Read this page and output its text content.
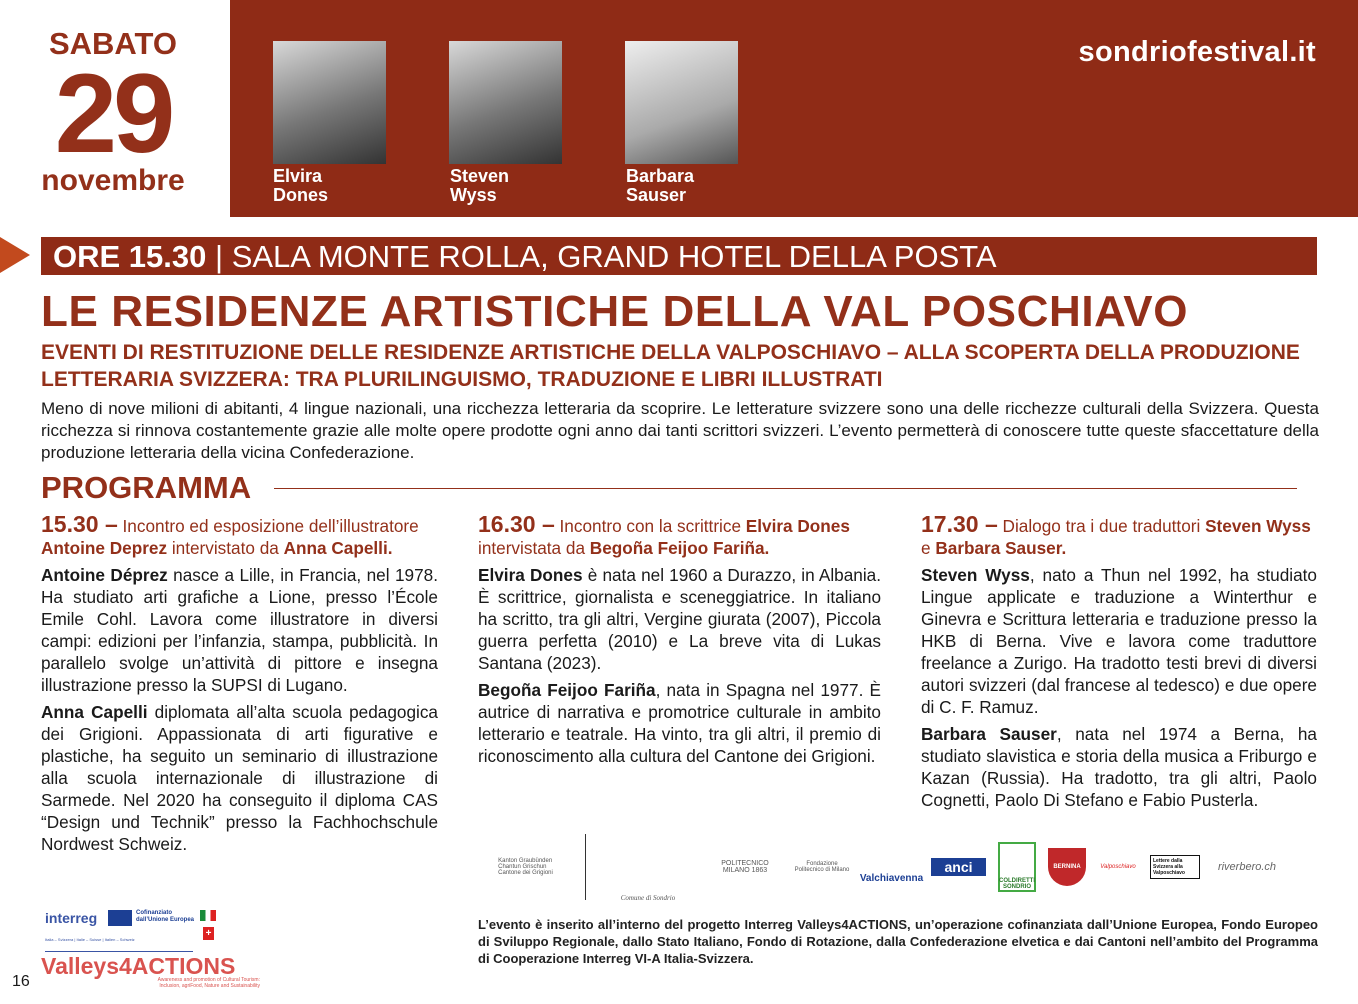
SABATO
29
novembre	Elvira
Dones
Steven
Wyss
Barbara
Sauser
sondriofestival.it
ORE 15.30 | SALA MONTE ROLLA, GRAND HOTEL DELLA POSTA
LE RESIDENZE ARTISTICHE DELLA VAL POSCHIAVO
EVENTI DI RESTITUZIONE DELLE RESIDENZE ARTISTICHE DELLA VALPOSCHIAVO – ALLA SCOPERTA DELLA PRODUZIONE LETTERARIA SVIZZERA: TRA PLURILINGUISMO, TRADUZIONE E LIBRI ILLUSTRATI
Meno di nove milioni di abitanti, 4 lingue nazionali, una ricchezza letteraria da scoprire. Le letterature svizzere sono una delle ricchezze culturali della Svizzera. Questa ricchezza si rinnova costantemente grazie alle molte opere prodotte ogni anno dai tanti scrittori svizzeri. L’evento permetterà di conoscere tutte queste sfaccettature della produzione letteraria della vicina Confederazione.
PROGRAMMA
15.30 – Incontro ed esposizione dell’illustratore Antoine Deprez intervistato da Anna Capelli.

Antoine Déprez nasce a Lille, in Francia, nel 1978. Ha studiato arti grafiche a Lione, presso l’École Emile Cohl. Lavora come illustratore in diversi campi: edizioni per l’infanzia, stampa, pubblicità. In parallelo svolge un’attività di pittore e insegna illustrazione presso la SUPSI di Lugano.

Anna Capelli diplomata all’alta scuola pedagogica dei Grigioni. Appassionata di arti figurative e plastiche, ha seguito un seminario di illustrazione alla scuola internazionale di illustrazione di Sarmede. Nel 2020 ha conseguito il diploma CAS “Design und Technik” presso la Fachhochschule Nordwest Schweiz.

16.30 – Incontro con la scrittrice Elvira Dones intervistata da Begoña Feijoo Fariña.

Elvira Dones è nata nel 1960 a Durazzo, in Albania. È scrittrice, giornalista e sceneggiatrice. In italiano ha scritto, tra gli altri, Vergine giurata (2007), Piccola guerra perfetta (2010) e La breve vita di Lukas Santana (2023).

Begoña Feijoo Fariña, nata in Spagna nel 1977. È autrice di narrativa e promotrice culturale in ambito letterario e teatrale. Ha vinto, tra gli altri, il premio di riconoscimento alla cultura del Cantone dei Grigioni.

17.30 – Dialogo tra i due traduttori Steven Wyss e Barbara Sauser.

Steven Wyss, nato a Thun nel 1992, ha studiato Lingue applicate e traduzione a Winterthur e Ginevra e Scrittura letteraria e traduzione presso la HKB di Berna. Vive e lavora come traduttore freelance a Zurigo. Ha tradotto testi brevi di diversi autori svizzeri (dal francese al tedesco) e due opere di C. F. Ramuz.

Barbara Sauser, nata nel 1974 a Berna, ha studiato slavistica e storia della musica a Friburgo e Kazan (Russia). Ha tradotto, tra gli altri, Paolo Cognetti, Paolo Di Stefano e Fabio Pusterla.

Kanton Graubünden
Chantun Grischun
Cantone dei Grigioni
Comune di Sondrio
POLITECNICO MILANO 1863
Fondazione Politecnico di Milano
Valchiavenna
anci
COLDIRETTI SONDRIO
BERNINA	Valposchiavo
Lettere dalla Svizzera alla Valposchiavo	riverbero.ch
L’evento è inserito all’interno del progetto Interreg Valleys4ACTIONS, un’operazione cofinanziata dall’Unione Europea, Fondo Europeo di Sviluppo Regionale, dallo Stato Italiano, Fondo di Rotazione, dalla Confederazione elvetica e dai Cantoni nell’ambito del Programma di Cooperazione Interreg VI-A Italia-Svizzera.
interreg	Cofinanziato dall’Unione Europea
+
Italia – Svizzera | Italie – Suisse | Italien – Schweiz
Valleys4ACTIONS
Awareness and promotion of Cultural Tourism: Inclusion, agriFood, Nature and Sustainability
16
